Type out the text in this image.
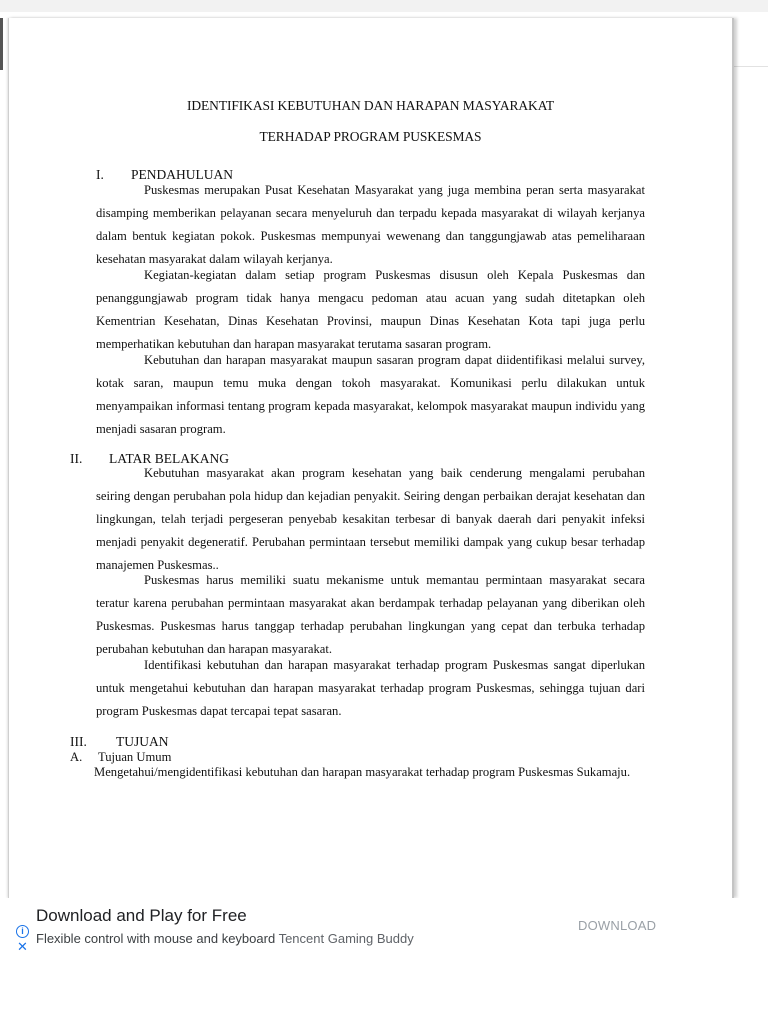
IDENTIFIKASI KEBUTUHAN DAN HARAPAN MASYARAKAT
TERHADAP PROGRAM PUSKESMAS
I. PENDAHULUAN
Puskesmas merupakan Pusat Kesehatan Masyarakat yang juga membina peran serta masyarakat disamping memberikan pelayanan secara menyeluruh dan terpadu kepada masyarakat di wilayah kerjanya dalam bentuk kegiatan pokok. Puskesmas mempunyai wewenang dan tanggungjawab atas pemeliharaan kesehatan masyarakat dalam wilayah kerjanya.
Kegiatan-kegiatan dalam setiap program Puskesmas disusun oleh Kepala Puskesmas dan penanggungjawab program tidak hanya mengacu pedoman atau acuan yang sudah ditetapkan oleh Kementrian Kesehatan, Dinas Kesehatan Provinsi, maupun Dinas Kesehatan Kota tapi juga perlu memperhatikan kebutuhan dan harapan masyarakat terutama sasaran program.
Kebutuhan dan harapan masyarakat maupun sasaran program dapat diidentifikasi melalui survey, kotak saran, maupun temu muka dengan tokoh masyarakat. Komunikasi perlu dilakukan untuk menyampaikan informasi tentang program kepada masyarakat, kelompok masyarakat maupun individu yang menjadi sasaran program.
II. LATAR BELAKANG
Kebutuhan masyarakat akan program kesehatan yang baik cenderung mengalami perubahan seiring dengan perubahan pola hidup dan kejadian penyakit. Seiring dengan perbaikan derajat kesehatan dan lingkungan, telah terjadi pergeseran penyebab kesakitan terbesar di banyak daerah dari penyakit infeksi menjadi penyakit degeneratif. Perubahan permintaan tersebut memiliki dampak yang cukup besar terhadap manajemen Puskesmas..
Puskesmas harus memiliki suatu mekanisme untuk memantau permintaan masyarakat secara teratur karena perubahan permintaan masyarakat akan berdampak terhadap pelayanan yang diberikan oleh Puskesmas. Puskesmas harus tanggap terhadap perubahan lingkungan yang cepat dan terbuka terhadap perubahan kebutuhan dan harapan masyarakat.
Identifikasi kebutuhan dan harapan masyarakat terhadap program Puskesmas sangat diperlukan untuk mengetahui kebutuhan dan harapan masyarakat terhadap program Puskesmas, sehingga tujuan dari program Puskesmas dapat tercapai tepat sasaran.
III. TUJUAN
A. Tujuan Umum
Mengetahui/mengidentifikasi kebutuhan dan harapan masyarakat terhadap program Puskesmas Sukamaju.
Download and Play for Free
Flexible control with mouse and keyboard Tencent Gaming Buddy
DOWNLOAD
i
✕
